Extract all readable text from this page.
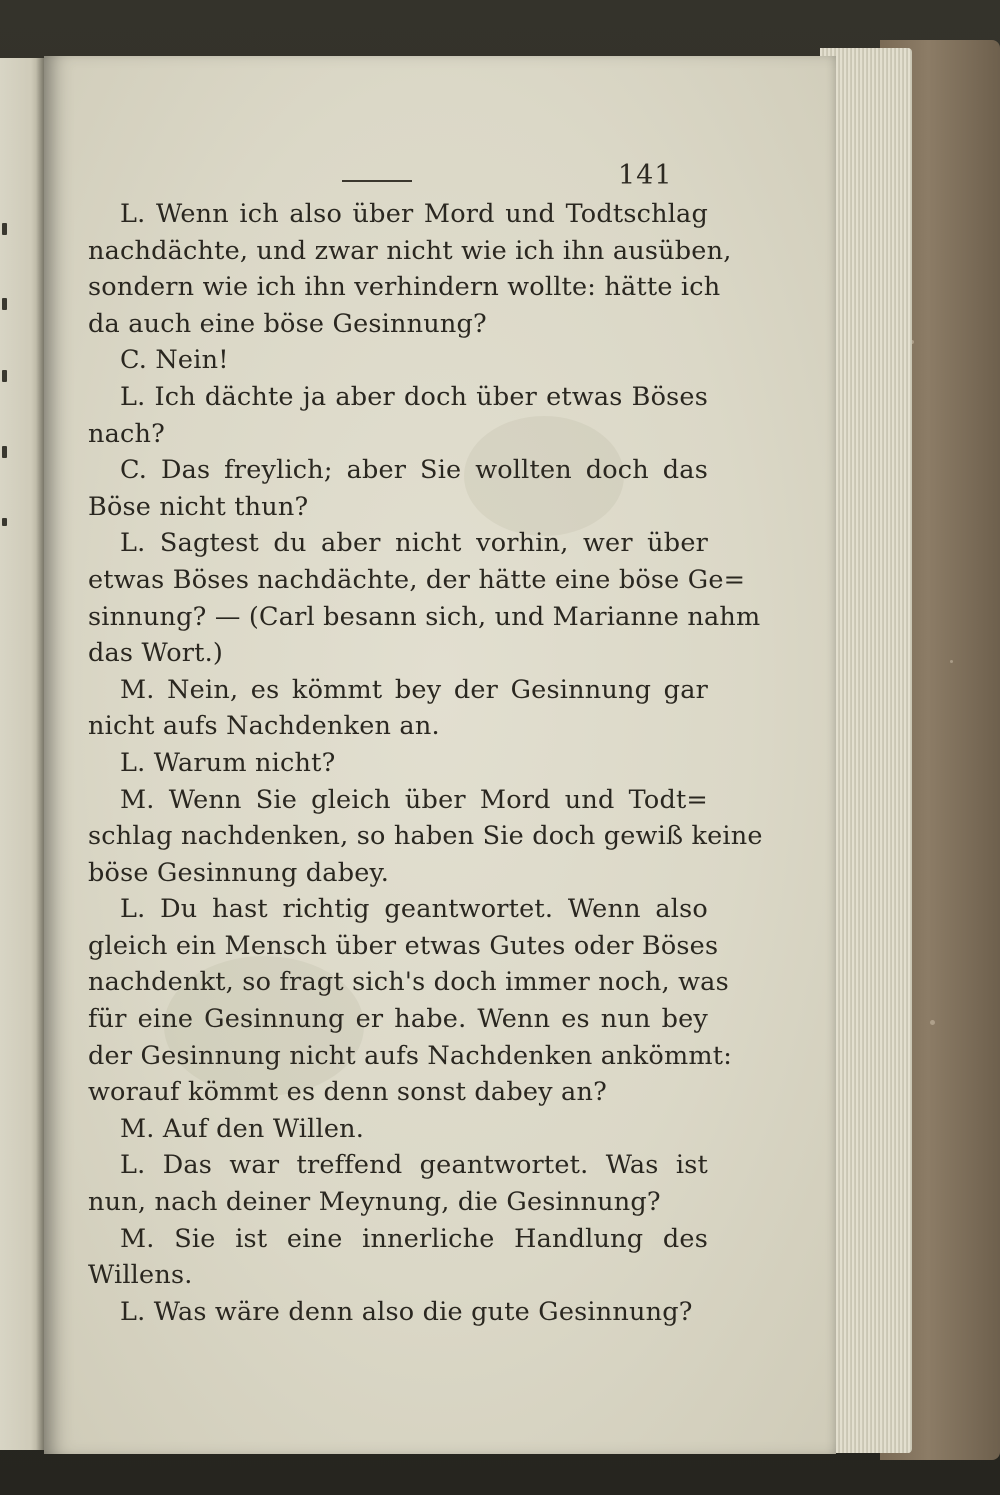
141
L. Wenn ich also über Mord und Todtschlag
nachdächte, und zwar nicht wie ich ihn ausüben,
sondern wie ich ihn verhindern wollte: hätte ich
da auch eine böse Gesinnung?
C. Nein!
L. Ich dächte ja aber doch über etwas Böses
nach?
C. Das freylich; aber Sie wollten doch das
Böse nicht thun?
L. Sagtest du aber nicht vorhin, wer über
etwas Böses nachdächte, der hätte eine böse Ge=
sinnung? — (Carl besann sich, und Marianne nahm
das Wort.)
M. Nein, es kömmt bey der Gesinnung gar
nicht aufs Nachdenken an.
L. Warum nicht?
M. Wenn Sie gleich über Mord und Todt=
schlag nachdenken, so haben Sie doch gewiß keine
böse Gesinnung dabey.
L. Du hast richtig geantwortet. Wenn also
gleich ein Mensch über etwas Gutes oder Böses
nachdenkt, so fragt sich's doch immer noch, was
für eine Gesinnung er habe. Wenn es nun bey
der Gesinnung nicht aufs Nachdenken ankömmt:
worauf kömmt es denn sonst dabey an?
M. Auf den Willen.
L. Das war treffend geantwortet. Was ist
nun, nach deiner Meynung, die Gesinnung?
M. Sie ist eine innerliche Handlung des
Willens.
L. Was wäre denn also die gute Gesinnung?
